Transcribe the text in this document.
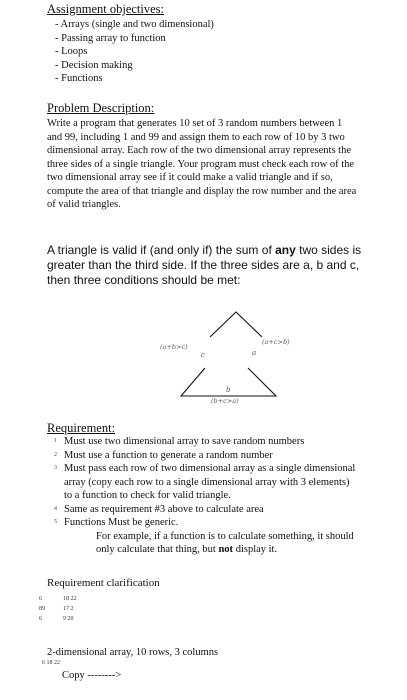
Assignment objectives:
- Arrays (single and two dimensional)
- Passing array to function
- Loops
- Decision making
- Functions
Problem Description:
Write a program that generates 10 set of 3 random numbers between 1 and 99, including 1 and 99 and assign them to each row of 10 by 3 two dimensional array. Each row of the two dimensional array represents the three sides of a single triangle. Your program must check each row of the two dimensional array see if it could make a valid triangle and if so, compute the area of that triangle and display the row number and the area of valid triangles.
A triangle is valid if (and only if) the sum of any two sides is greater than the third side. If the three sides are a, b and c, then three conditions should be met:
(a+b>c)
(a+c>b)
(b+c>a)
c	a
b
Requirement:
1 Must use two dimensional array to save random numbers
2 Must use a function to generate a random number
3 Must pass each row of two dimensional array as a single dimensional array (copy each row to a single dimensional array with 3 elements) to a function to check for valid triangle.
4 Same as requirement #3 above to calculate area
5 Functions Must be generic.
For example, if a function is to calculate something, it should only calculate that thing, but not display it.
Requirement clarification
6	18 22
89	17 2
6	9 20
2-dimensional array, 10 rows, 3 columns
6 18 22
Copy -------->
